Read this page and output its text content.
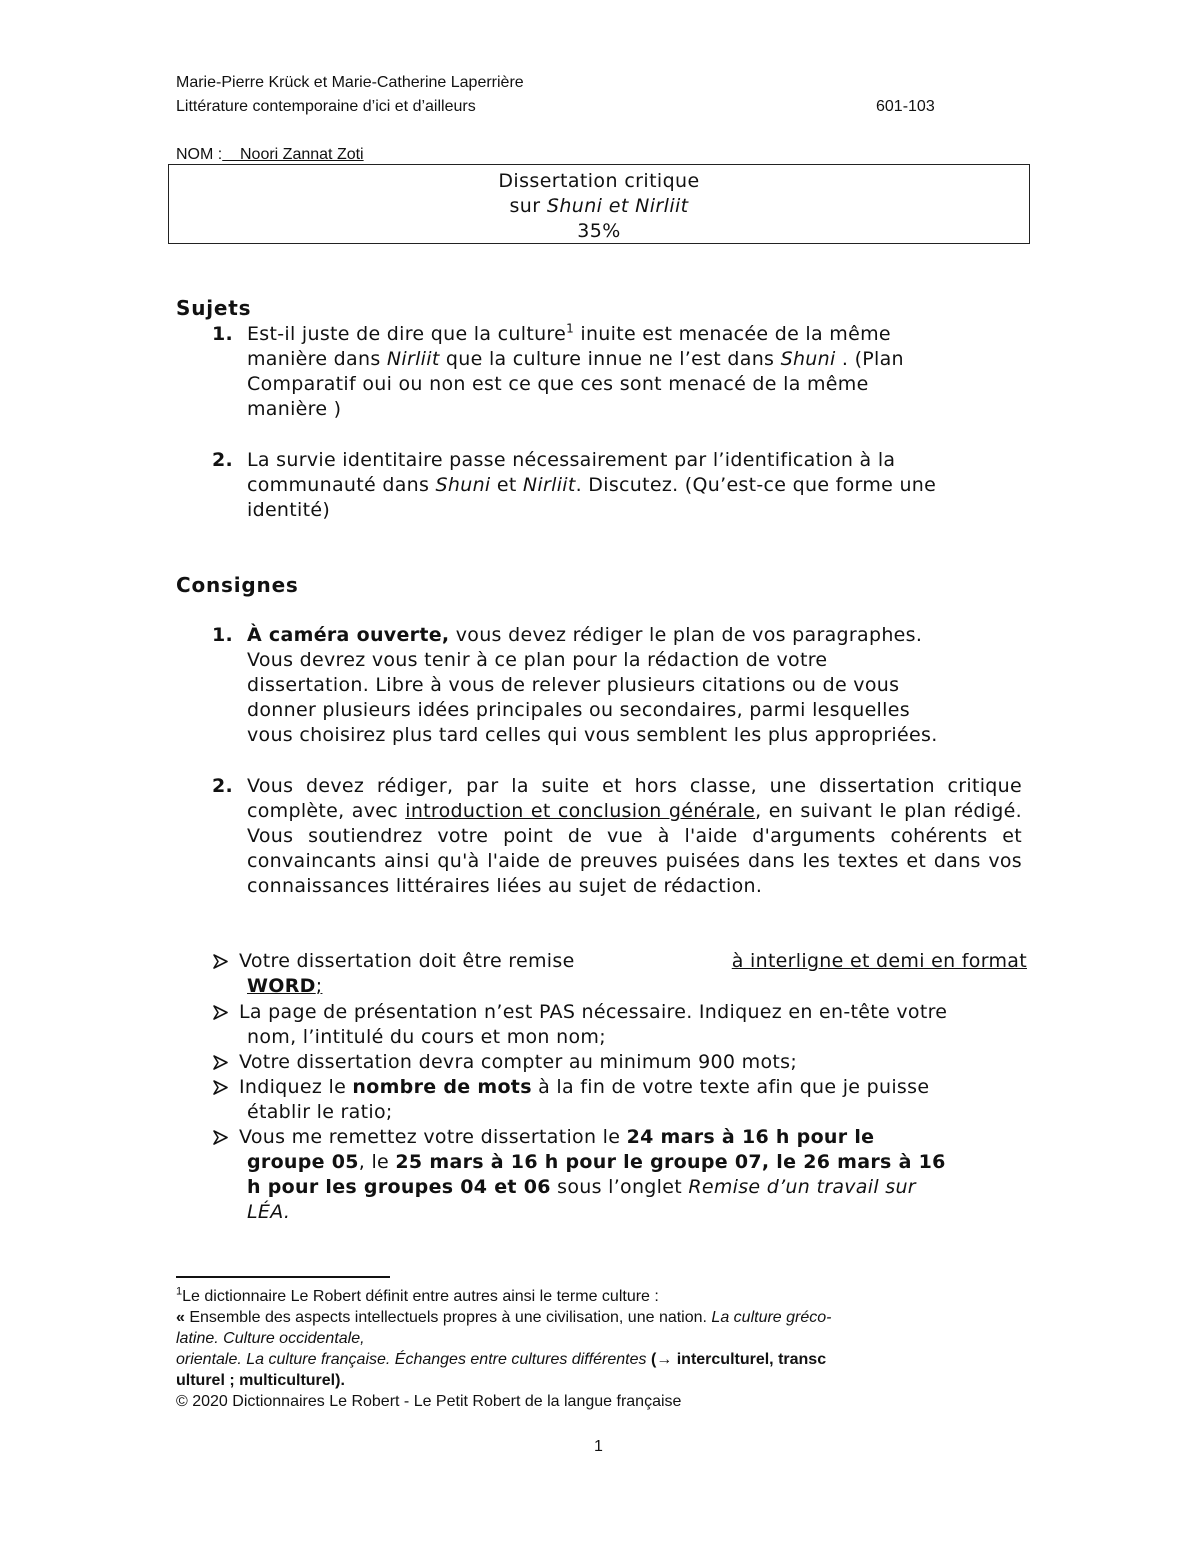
Marie-Pierre Krück et Marie-Catherine Laperrière
Littérature contemporaine d’ici et d’ailleurs	601-103
NOM : Noori Zannat Zoti
Dissertation critique
sur Shuni et Nirliit
35%
Sujets
1. Est-il juste de dire que la culture$^1$ inuite est menacée de la même
manière dans Nirliit que la culture innue ne l’est dans Shuni . (Plan
Comparatif oui ou non est ce que ces sont menacé de la même
manière )
2. La survie identitaire passe nécessairement par l’identification à la
communauté dans Shuni et Nirliit. Discutez. (Qu’est-ce que forme une
identité)
Consignes
1. À caméra ouverte, vous devez rédiger le plan de vos paragraphes.
Vous devrez vous tenir à ce plan pour la rédaction de votre
dissertation. Libre à vous de relever plusieurs citations ou de vous
donner plusieurs idées principales ou secondaires, parmi lesquelles
vous choisirez plus tard celles qui vous semblent les plus appropriées.
2. Vous devez rédiger, par la suite et hors classe, une dissertation critique complète, avec introduction et conclusion générale, en suivant le plan rédigé. Vous soutiendrez votre point de vue à l'aide d'arguments cohérents et convaincants ainsi qu'à l'aide de preuves puisées dans les textes et dans vos connaissances littéraires liées au sujet de rédaction.
Votre dissertation doit être remise	à interligne et demi en format
WORD;
La page de présentation n’est PAS nécessaire. Indiquez en en-tête votre
nom, l’intitulé du cours et mon nom;
Votre dissertation devra compter au minimum 900 mots;
Indiquez le nombre de mots à la fin de votre texte afin que je puisse
établir le ratio;
Vous me remettez votre dissertation le 24 mars à 16 h pour le
groupe 05, le 25 mars à 16 h pour le groupe 07, le 26 mars à 16
h pour les groupes 04 et 06 sous l’onglet Remise d’un travail sur
LÉA.
$^1$Le dictionnaire Le Robert définit entre autres ainsi le terme culture :
« Ensemble des aspects intellectuels propres à une civilisation, une nation. La culture gréco-
latine. Culture occidentale,
orientale. La culture française. Échanges entre cultures différentes (→ interculturel, transc
ulturel ; multiculturel).
© 2020 Dictionnaires Le Robert - Le Petit Robert de la langue française
1
